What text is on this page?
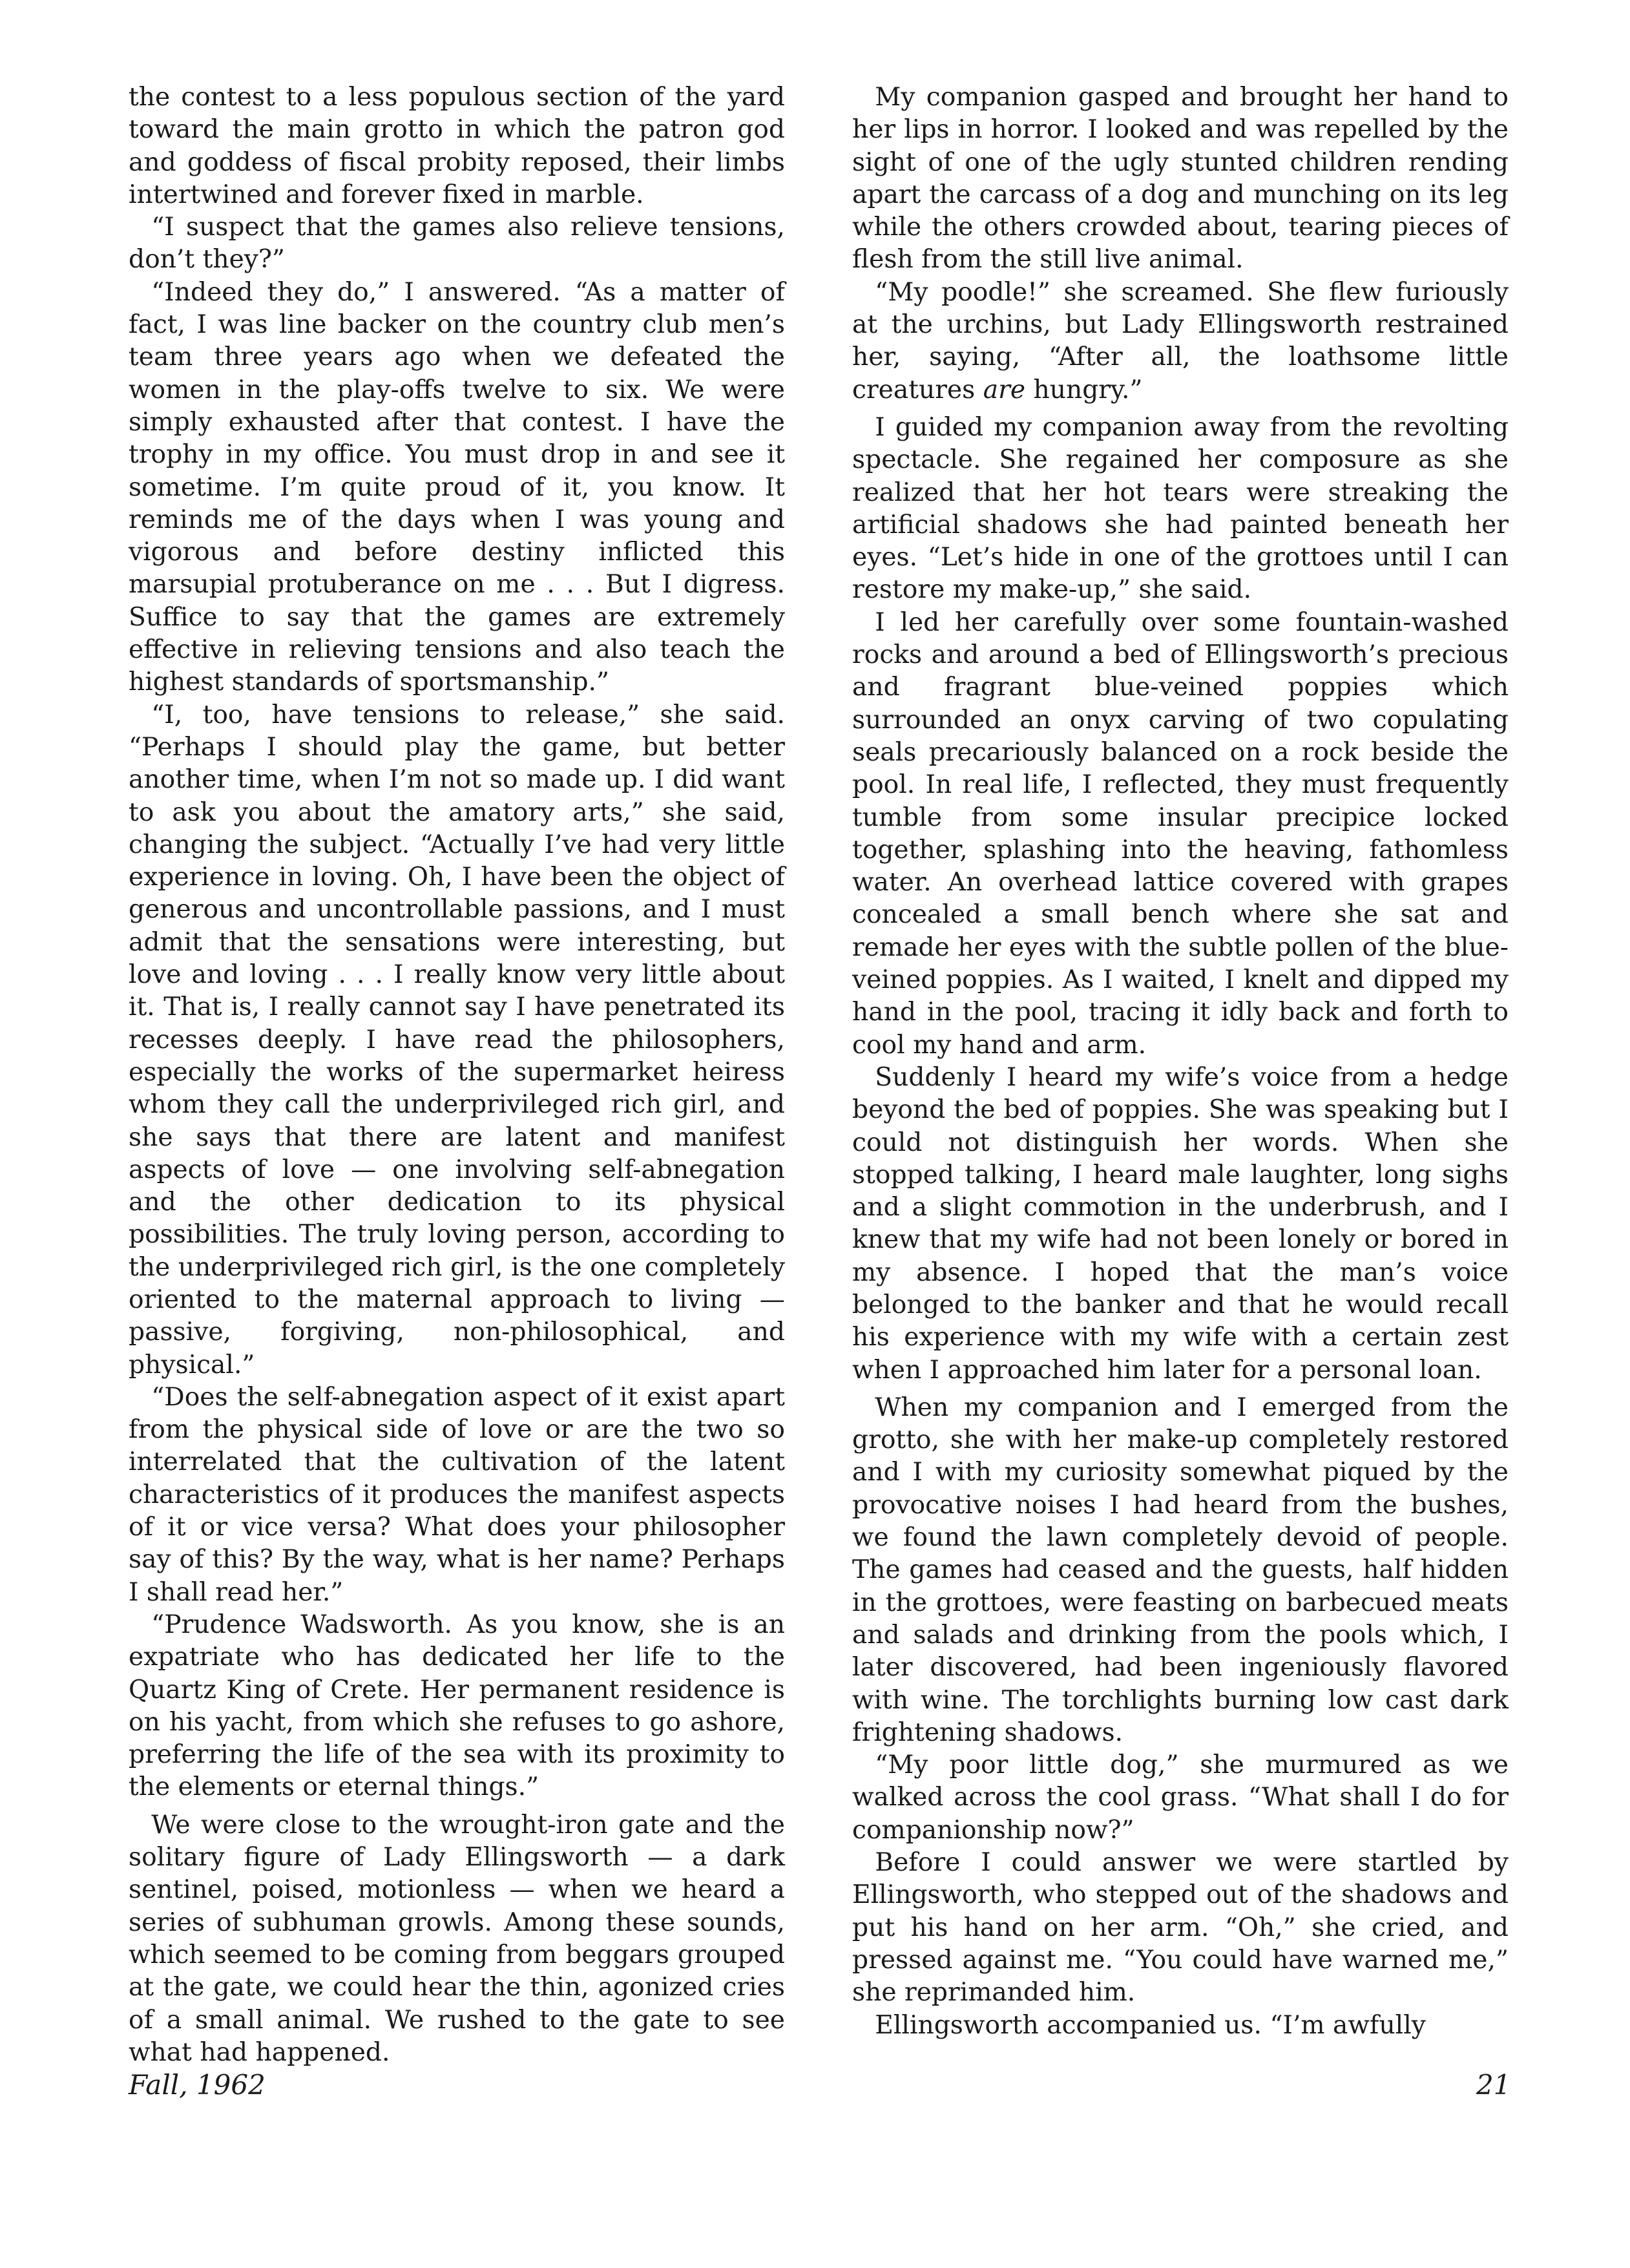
the contest to a less populous section of the yard toward the main grotto in which the patron god and goddess of fiscal probity reposed, their limbs intertwined and forever fixed in marble.

“I suspect that the games also relieve tensions, don’t they?”

“Indeed they do,” I answered. “As a matter of fact, I was line backer on the country club men’s team three years ago when we defeated the women in the play-offs twelve to six. We were simply exhausted after that contest. I have the trophy in my office. You must drop in and see it sometime. I’m quite proud of it, you know. It reminds me of the days when I was young and vigorous and before destiny inflicted this marsupial protuberance on me . . . But I digress. Suffice to say that the games are extremely effective in relieving tensions and also teach the highest standards of sportsmanship.”

“I, too, have tensions to release,” she said. “Perhaps I should play the game, but better another time, when I’m not so made up. I did want to ask you about the amatory arts,” she said, changing the subject. “Actually I’ve had very little experience in loving. Oh, I have been the object of generous and uncontrollable passions, and I must admit that the sensations were interesting, but love and loving . . . I really know very little about it. That is, I really cannot say I have penetrated its recesses deeply. I have read the philosophers, especially the works of the supermarket heiress whom they call the underprivileged rich girl, and she says that there are latent and manifest aspects of love — one involving self-abnegation and the other dedication to its physical possibilities. The truly loving person, according to the underprivileged rich girl, is the one completely oriented to the maternal approach to living — passive, forgiving, non-philosophical, and physical.”

“Does the self-abnegation aspect of it exist apart from the physical side of love or are the two so interrelated that the cultivation of the latent characteristics of it produces the manifest aspects of it or vice versa? What does your philosopher say of this? By the way, what is her name? Perhaps I shall read her.”

“Prudence Wadsworth. As you know, she is an expatriate who has dedicated her life to the Quartz King of Crete. Her permanent residence is on his yacht, from which she refuses to go ashore, preferring the life of the sea with its proximity to the elements or eternal things.”

We were close to the wrought-iron gate and the solitary figure of Lady Ellingsworth — a dark sentinel, poised, motionless — when we heard a series of subhuman growls. Among these sounds, which seemed to be coming from beggars grouped at the gate, we could hear the thin, agonized cries of a small animal. We rushed to the gate to see what had happened.

My companion gasped and brought her hand to her lips in horror. I looked and was repelled by the sight of one of the ugly stunted children rending apart the carcass of a dog and munching on its leg while the others crowded about, tearing pieces of flesh from the still live animal.

“My poodle!” she screamed. She flew furiously at the urchins, but Lady Ellingsworth restrained her, saying, “After all, the loathsome little creatures are hungry.”

I guided my companion away from the revolting spectacle. She regained her composure as she realized that her hot tears were streaking the artificial shadows she had painted beneath her eyes. “Let’s hide in one of the grottoes until I can restore my make-up,” she said.

I led her carefully over some fountain-washed rocks and around a bed of Ellingsworth’s precious and fragrant blue-veined poppies which surrounded an onyx carving of two copulating seals precariously balanced on a rock beside the pool. In real life, I reflected, they must frequently tumble from some insular precipice locked together, splashing into the heaving, fathomless water. An overhead lattice covered with grapes concealed a small bench where she sat and remade her eyes with the subtle pollen of the blue-veined poppies. As I waited, I knelt and dipped my hand in the pool, tracing it idly back and forth to cool my hand and arm.

Suddenly I heard my wife’s voice from a hedge beyond the bed of poppies. She was speaking but I could not distinguish her words. When she stopped talking, I heard male laughter, long sighs and a slight commotion in the underbrush, and I knew that my wife had not been lonely or bored in my absence. I hoped that the man’s voice belonged to the banker and that he would recall his experience with my wife with a certain zest when I approached him later for a personal loan.

When my companion and I emerged from the grotto, she with her make-up completely restored and I with my curiosity somewhat piqued by the provocative noises I had heard from the bushes, we found the lawn completely devoid of people. The games had ceased and the guests, half hidden in the grottoes, were feasting on barbecued meats and salads and drinking from the pools which, I later discovered, had been ingeniously flavored with wine. The torchlights burning low cast dark frightening shadows.

“My poor little dog,” she murmured as we walked across the cool grass. “What shall I do for companionship now?”

Before I could answer we were startled by Ellingsworth, who stepped out of the shadows and put his hand on her arm. “Oh,” she cried, and pressed against me. “You could have warned me,” she reprimanded him.

Ellingsworth accompanied us. “I’m awfully

Fall, 1962	21
